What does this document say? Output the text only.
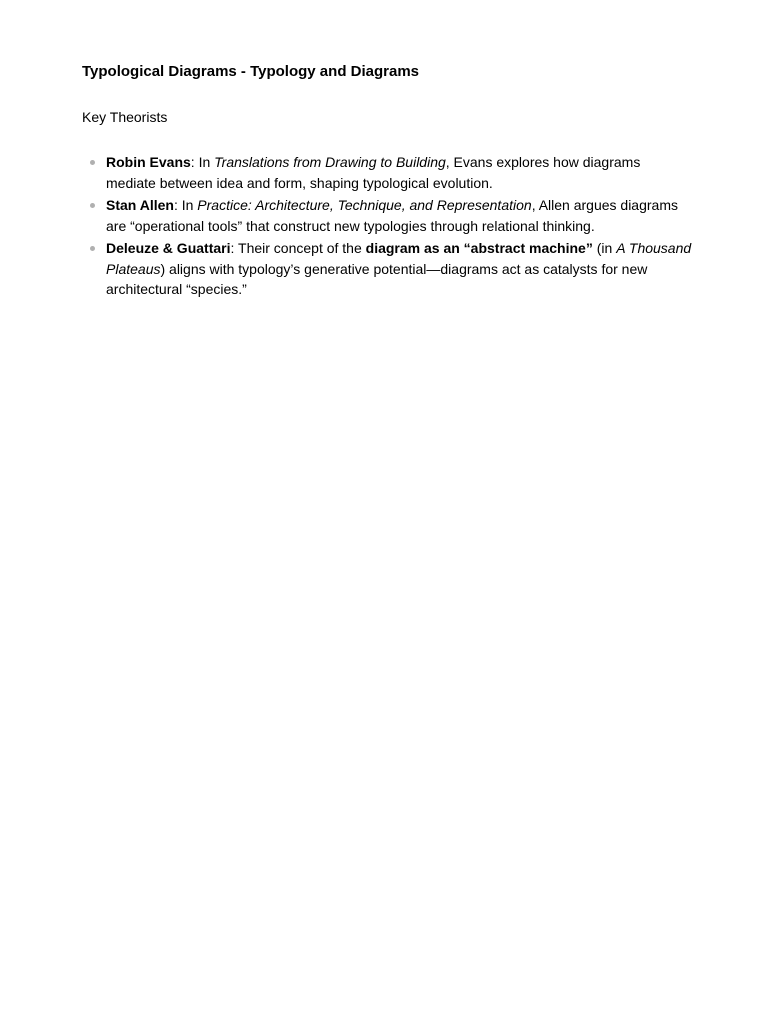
Typological Diagrams - Typology and Diagrams

Key Theorists

Robin Evans: In Translations from Drawing to Building, Evans explores how diagrams mediate between idea and form, shaping typological evolution.
Stan Allen: In Practice: Architecture, Technique, and Representation, Allen argues diagrams are “operational tools” that construct new typologies through relational thinking.
Deleuze & Guattari: Their concept of the diagram as an “abstract machine” (in A Thousand Plateaus) aligns with typology’s generative potential—diagrams act as catalysts for new architectural “species.”
